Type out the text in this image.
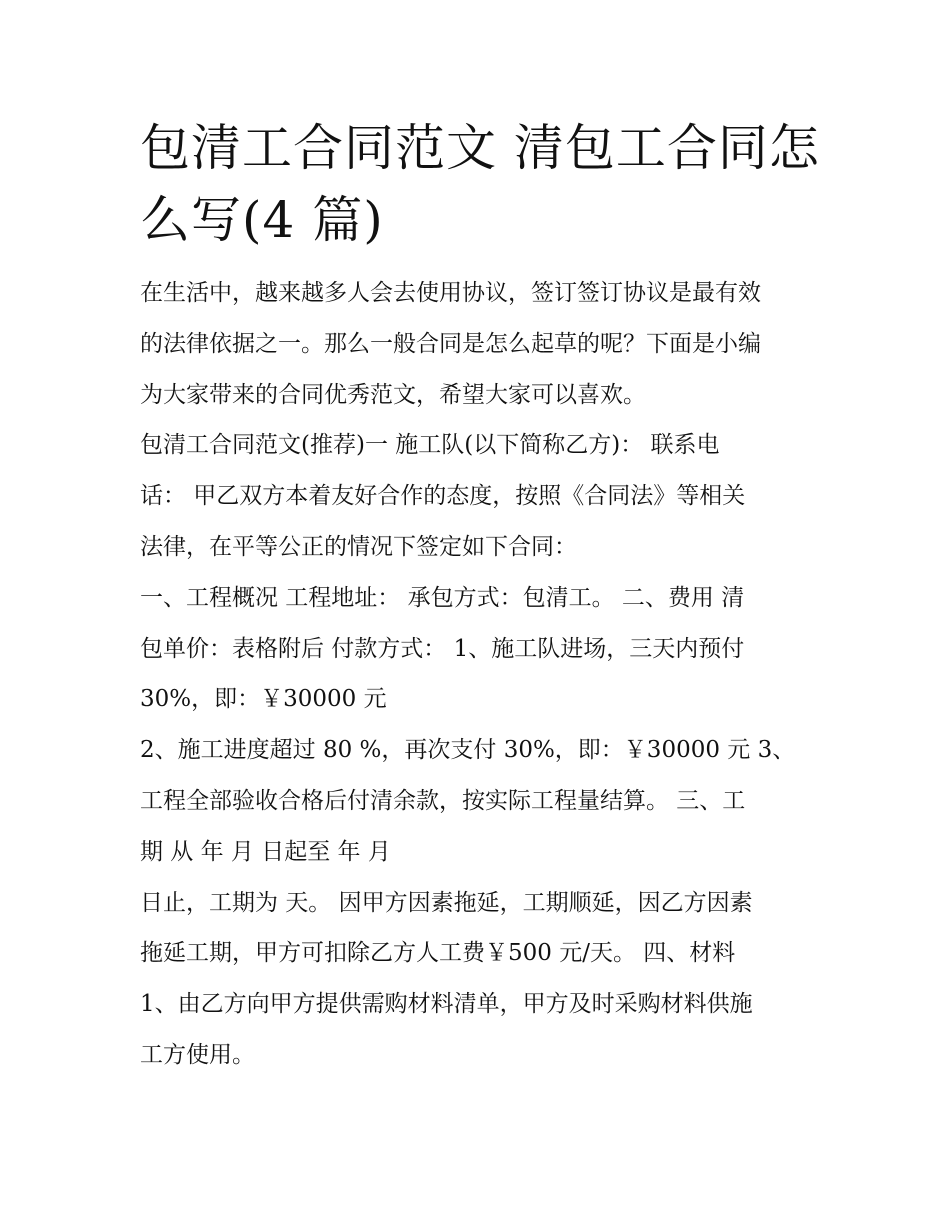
包清工合同范文 清包工合同怎
么写(4 篇)

在生活中，越来越多人会去使用协议，签订签订协议是最有效
的法律依据之一。那么一般合同是怎么起草的呢？下面是小编
为大家带来的合同优秀范文，希望大家可以喜欢。

包清工合同范文(推荐)一 施工队(以下简称乙方)： 联系电
话： 甲乙双方本着友好合作的态度，按照《合同法》等相关
法律，在平等公正的情况下签定如下合同：

一、工程概况 工程地址： 承包方式：包清工。 二、费用 清
包单价：表格附后 付款方式： 1、施工队进场，三天内预付
30%，即：￥30000 元

2、施工进度超过 80 %，再次支付 30%，即：￥30000 元 3、
工程全部验收合格后付清余款，按实际工程量结算。 三、工
期 从 年 月 日起至 年 月

日止，工期为 天。 因甲方因素拖延，工期顺延，因乙方因素
拖延工期，甲方可扣除乙方人工费￥500 元/天。 四、材料

1、由乙方向甲方提供需购材料清单，甲方及时采购材料供施
工方使用。
